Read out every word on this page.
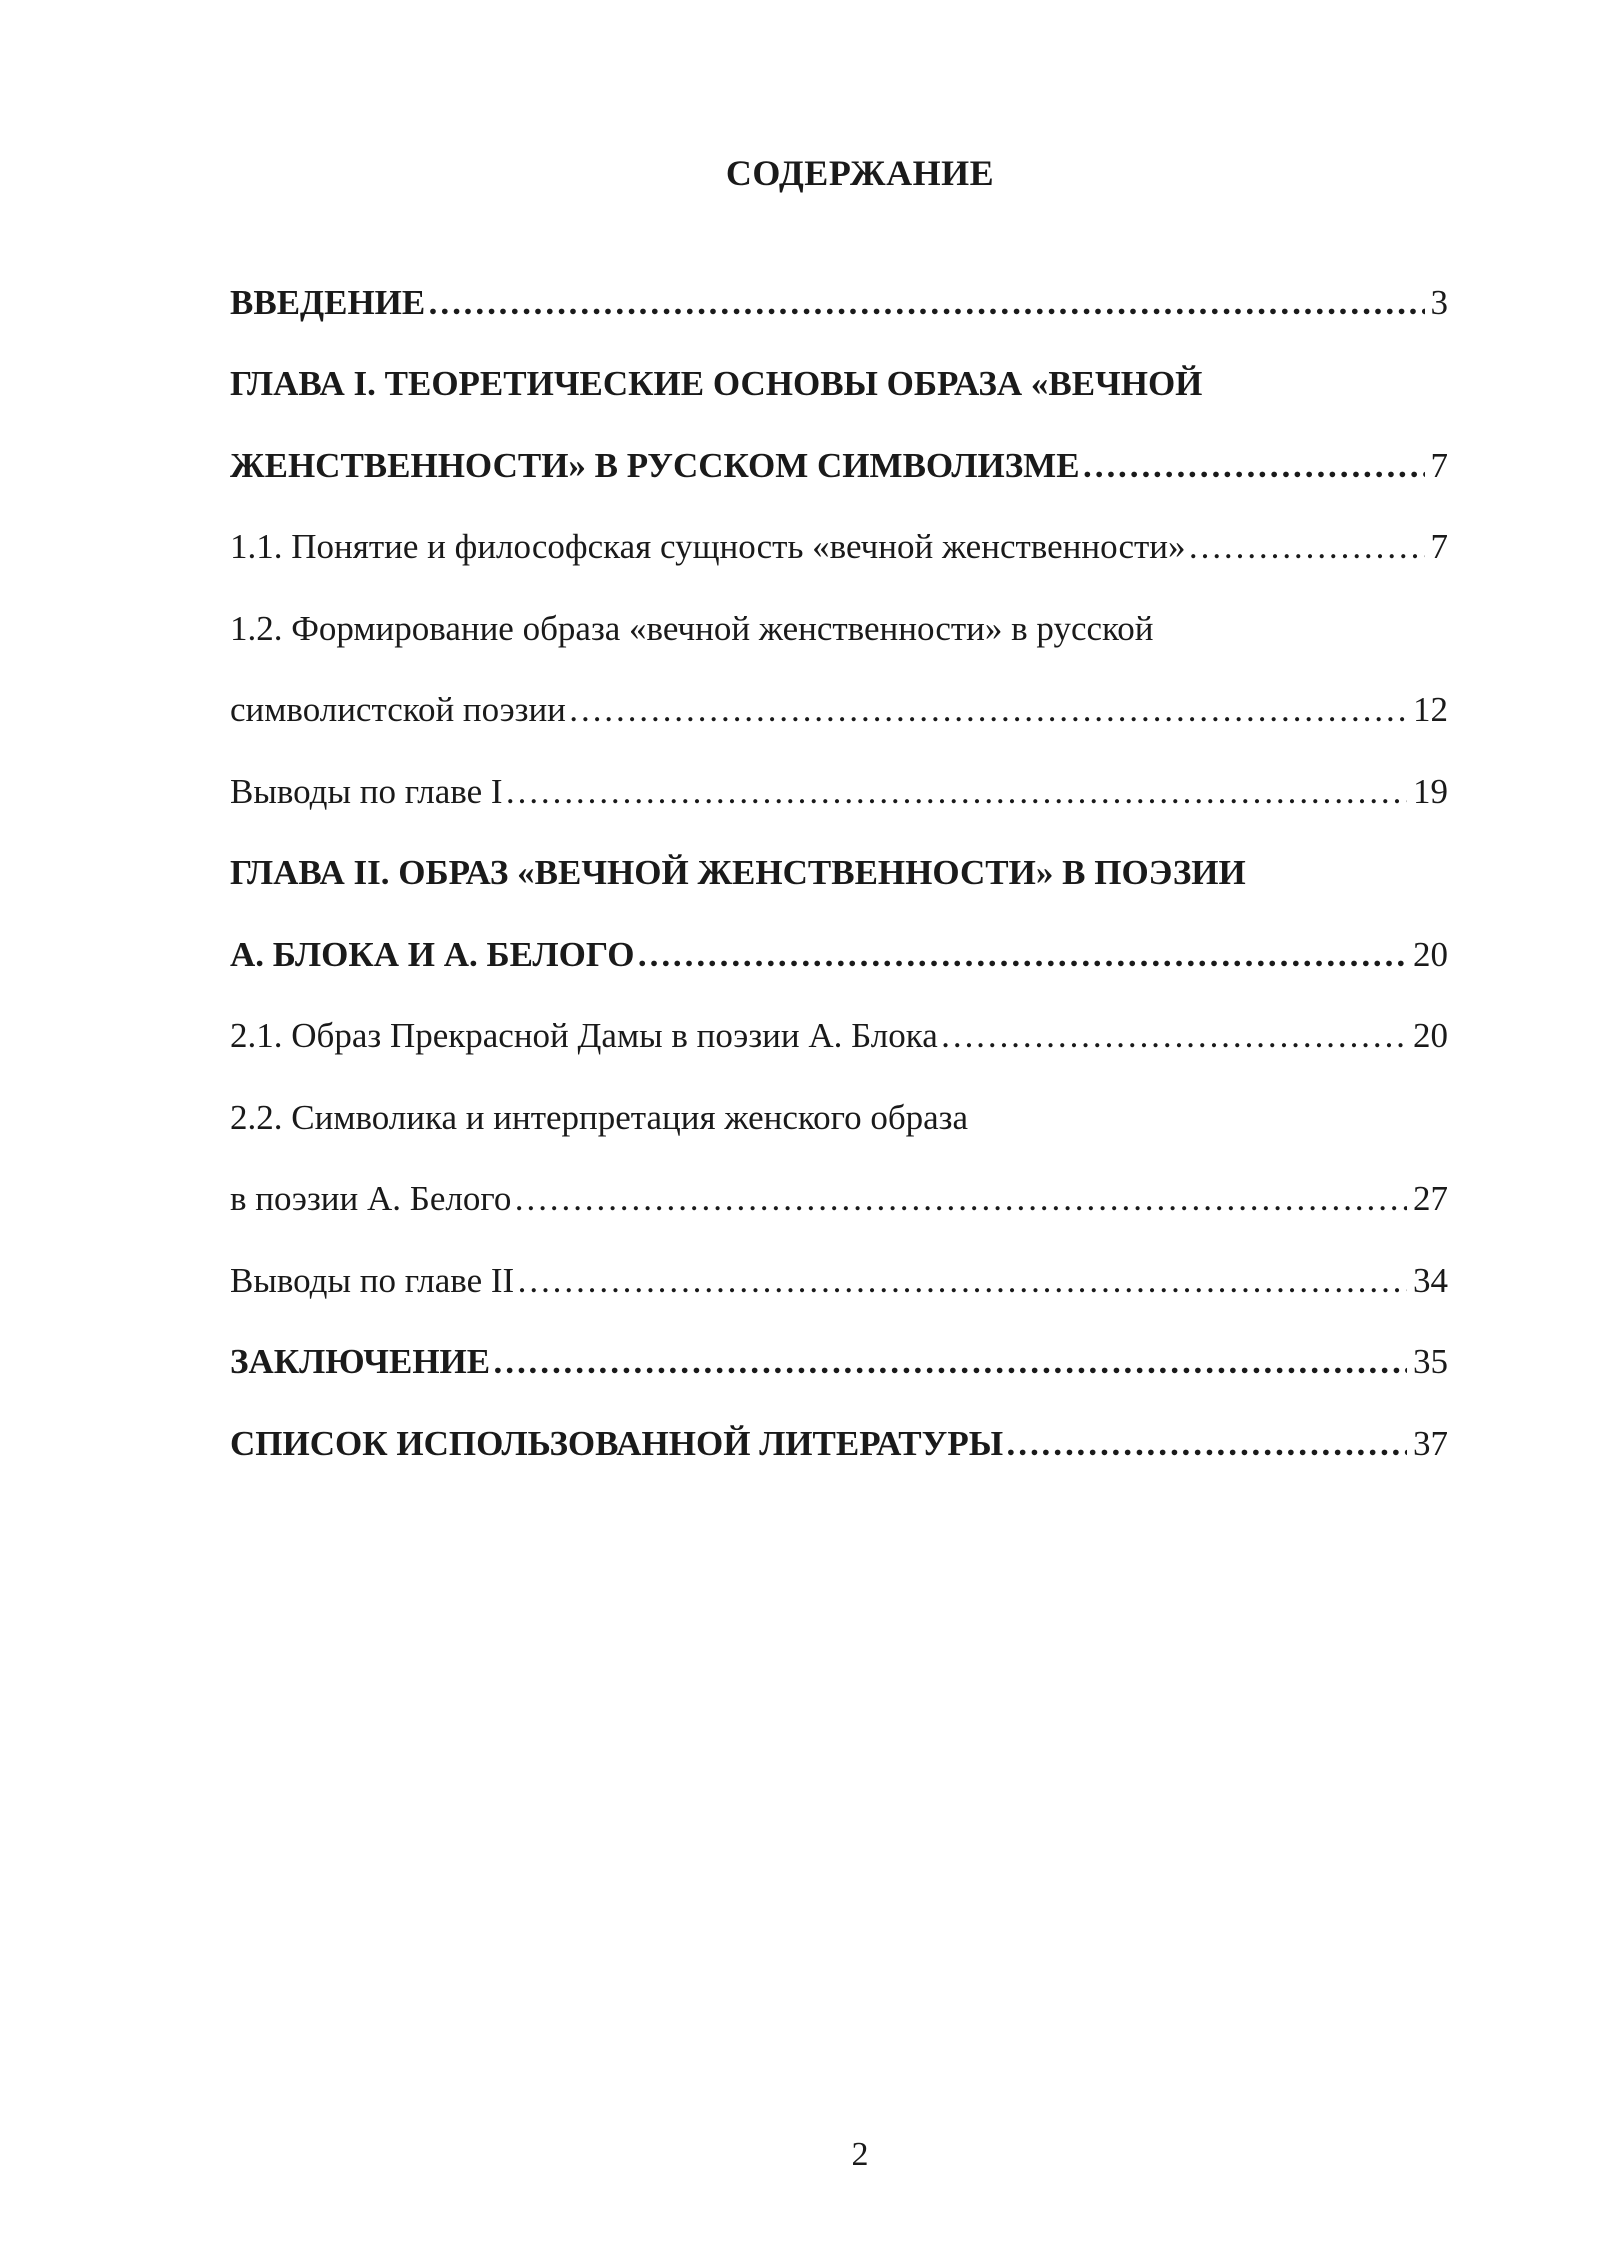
СОДЕРЖАНИЕ
ВВЕДЕНИЕ ……………………………………………………………………………………………………………………………………………………………………………………………………	3
ГЛАВА I. ТЕОРЕТИЧЕСКИЕ ОСНОВЫ ОБРАЗА «ВЕЧНОЙ
ЖЕНСТВЕННОСТИ» В РУССКОМ СИМВОЛИЗМЕ ……………………………………………………………………………………………………………………………………………………………………………………………………	7
1.1. Понятие и философская сущность «вечной женственности» ……………………………………………………………………………………………………………………………………………………………………………………………………	7
1.2. Формирование образа «вечной женственности» в русской
символистской поэзии ……………………………………………………………………………………………………………………………………………………………………………………………………	12
Выводы по главе I ……………………………………………………………………………………………………………………………………………………………………………………………………	19
ГЛАВА II. ОБРАЗ «ВЕЧНОЙ ЖЕНСТВЕННОСТИ» В ПОЭЗИИ
А. БЛОКА И А. БЕЛОГО ……………………………………………………………………………………………………………………………………………………………………………………………………	20
2.1. Образ Прекрасной Дамы в поэзии А. Блока ……………………………………………………………………………………………………………………………………………………………………………………………………	20
2.2. Символика и интерпретация женского образа
в поэзии А. Белого ……………………………………………………………………………………………………………………………………………………………………………………………………	27
Выводы по главе II ……………………………………………………………………………………………………………………………………………………………………………………………………	34
ЗАКЛЮЧЕНИЕ ……………………………………………………………………………………………………………………………………………………………………………………………………	35
СПИСОК ИСПОЛЬЗОВАННОЙ ЛИТЕРАТУРЫ ……………………………………………………………………………………………………………………………………………………………………………………………………	37
2
